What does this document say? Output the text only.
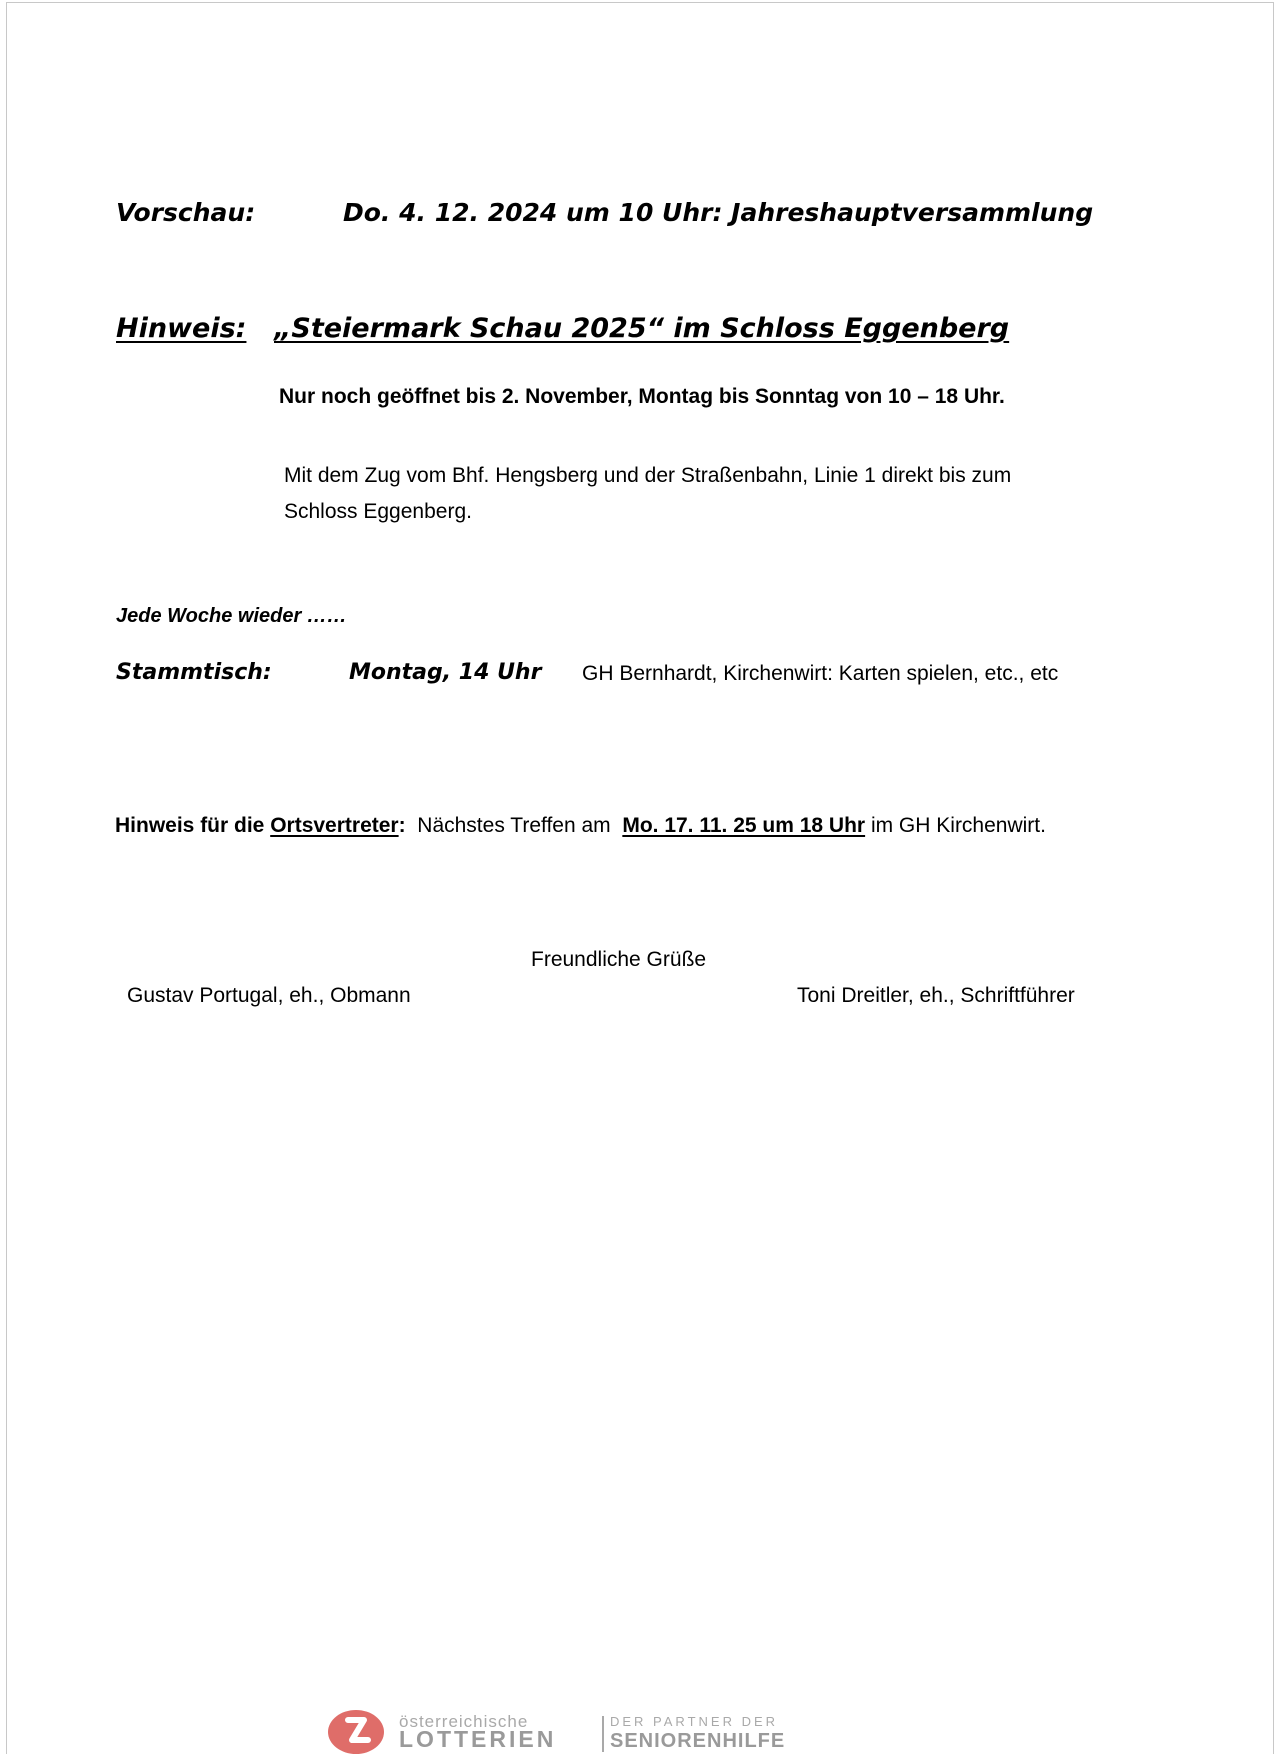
Vorschau:	Do. 4. 12. 2024 um 10 Uhr: Jahreshauptversammlung
Hinweis: „Steiermark Schau 2025“ im Schloss Eggenberg
Nur noch geöffnet bis 2. November, Montag bis Sonntag von 10 – 18 Uhr.
Mit dem Zug vom Bhf. Hengsberg und der Straßenbahn, Linie 1 direkt bis zum Schloss Eggenberg.
Jede Woche wieder ……
Stammtisch:	Montag, 14 Uhr GH Bernhardt, Kirchenwirt: Karten spielen, etc., etc
Hinweis für die Ortsvertreter:  Nächstes Treffen am  Mo. 17. 11. 25 um 18 Uhr im GH Kirchenwirt.
Freundliche Grüße
Gustav Portugal, eh., Obmann	Toni Dreitler, eh., Schriftführer
österreichische
LOTTERIEN
DER PARTNER DER
SENIORENHILFE
